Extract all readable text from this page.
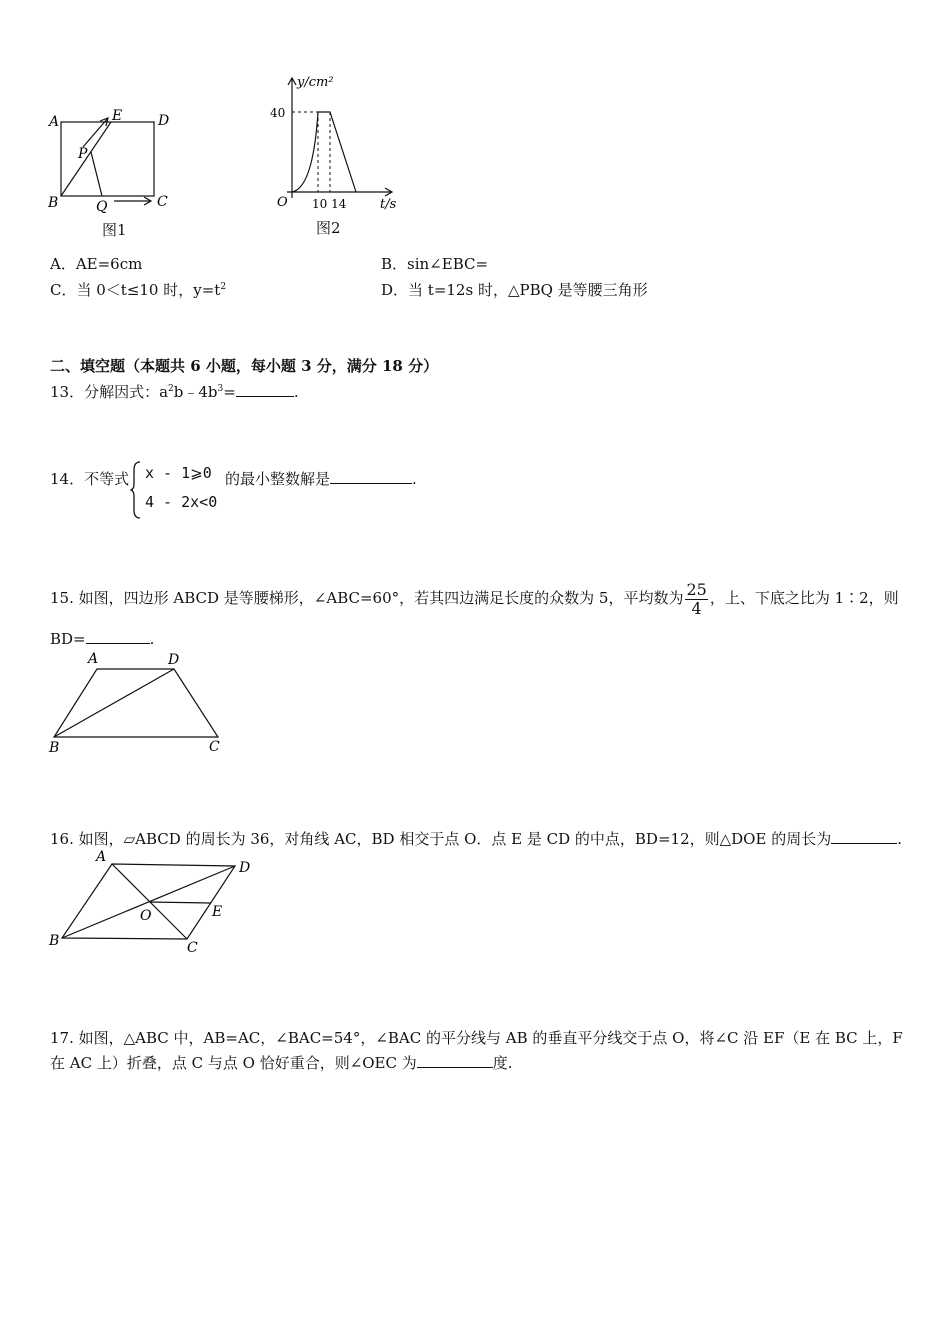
A	E	D
P
B	Q	C
图1
y/cm²
40
O 10 14	t/s
图2
A．AE=6cm	B．sin∠EBC=
C．当 0＜t≤10 时，$y=t^2$	D．当 t=12s 时，△PBQ 是等腰三角形
二、填空题（本题共 6 小题，每小题 3 分，满分 18 分）
13．分解因式：$a^2b﹣4b^3=$	.
14．不等式 x - 1⩾0
4 - 2x<0
的最小整数解是	.
15. 如图，四边形 ABCD 是等腰梯形，∠ABC=60°，若其四边满足长度的众数为 5，平均数为 $\frac{25}{4}$ ，上、下底之比为 1∶2，则
BD=	.
A	D
B	C
16. 如图，▱ABCD 的周长为 36，对角线 AC，BD 相交于点 O．点 E 是 CD 的中点，BD=12，则△DOE 的周长为	.
A
D
O	E
B	C
17. 如图，△ABC 中，AB=AC，∠BAC=54°，∠BAC 的平分线与 AB 的垂直平分线交于点 O，将∠C 沿 EF（E 在 BC 上，F
在 AC 上）折叠，点 C 与点 O 恰好重合，则∠OEC 为	度.
